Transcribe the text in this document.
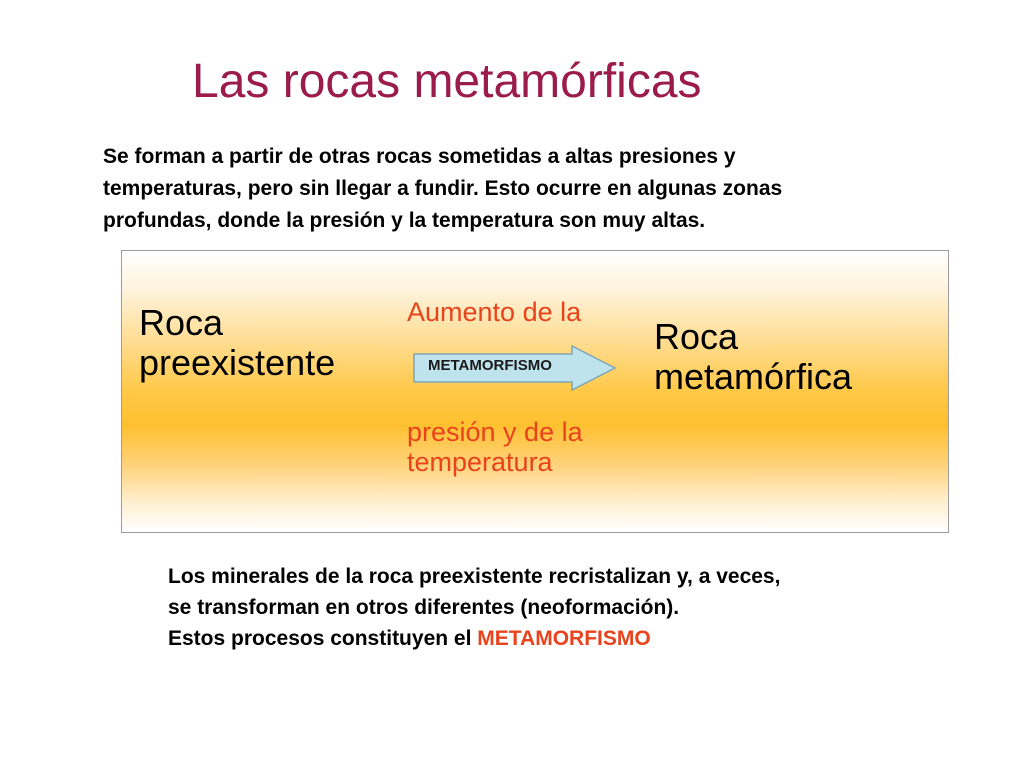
Las rocas metamórficas
Se forman a partir de otras rocas sometidas a altas presiones y
temperaturas, pero sin llegar a fundir. Esto ocurre en algunas zonas
profundas, donde la presión y la temperatura son muy altas.
Roca
preexistente
Aumento de la
METAMORFISMO
presión y de la
temperatura
Roca
metamórfica
Los minerales de la roca preexistente recristalizan y, a veces,
se transforman en otros diferentes (neoformación).
Estos procesos constituyen el METAMORFISMO
